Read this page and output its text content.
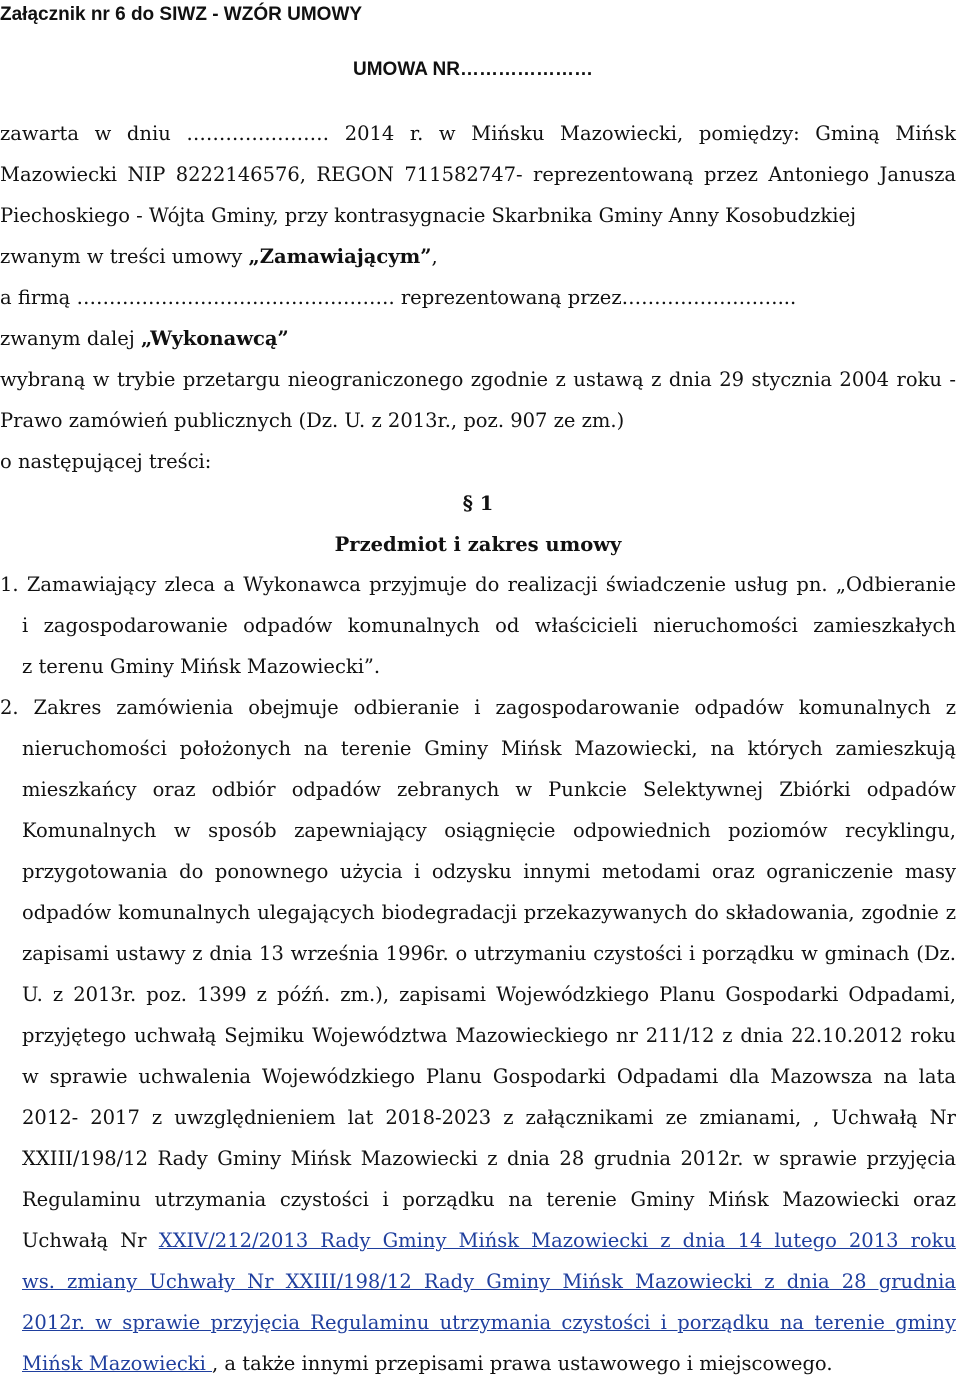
Załącznik nr 6 do SIWZ - WZÓR UMOWY
UMOWA NR…………………
zawarta w dniu ………….……… 2014 r. w Mińsku Mazowiecki, pomiędzy: Gminą Mińsk
Mazowiecki NIP 8222146576, REGON 711582747- reprezentowaną przez Antoniego Janusza
Piechoskiego - Wójta Gminy, przy kontrasygnacie Skarbnika Gminy Anny Kosobudzkiej
zwanym w treści umowy „Zamawiającym”,
a firmą …………………………………………. reprezentowaną przez……………………...
zwanym dalej „Wykonawcą”
wybraną w trybie przetargu nieograniczonego zgodnie z ustawą z dnia 29 stycznia 2004 roku -
Prawo zamówień publicznych (Dz. U. z 2013r., poz. 907 ze zm.)
o następującej treści:
§ 1
Przedmiot i zakres umowy
1. Zamawiający zleca a Wykonawca przyjmuje do realizacji świadczenie usług pn. „Odbieranie
i zagospodarowanie odpadów komunalnych od właścicieli nieruchomości zamieszkałych
z terenu Gminy Mińsk Mazowiecki”.
2. Zakres zamówienia obejmuje odbieranie i zagospodarowanie odpadów komunalnych z
nieruchomości położonych na terenie Gminy Mińsk Mazowiecki, na których zamieszkują
mieszkańcy oraz odbiór odpadów zebranych w Punkcie Selektywnej Zbiórki odpadów
Komunalnych w sposób zapewniający osiągnięcie odpowiednich poziomów recyklingu,
przygotowania do ponownego użycia i odzysku innymi metodami oraz ograniczenie masy
odpadów komunalnych ulegających biodegradacji przekazywanych do składowania, zgodnie z
zapisami ustawy z dnia 13 września 1996r. o utrzymaniu czystości i porządku w gminach (Dz.
U. z 2013r. poz. 1399 z późń. zm.), zapisami Wojewódzkiego Planu Gospodarki Odpadami,
przyjętego uchwałą Sejmiku Województwa Mazowieckiego nr 211/12 z dnia 22.10.2012 roku
w sprawie uchwalenia Wojewódzkiego Planu Gospodarki Odpadami dla Mazowsza na lata
2012- 2017 z uwzględnieniem lat 2018-2023 z załącznikami ze zmianami, , Uchwałą Nr
XXIII/198/12 Rady Gminy Mińsk Mazowiecki z dnia 28 grudnia 2012r. w sprawie przyjęcia
Regulaminu utrzymania czystości i porządku na terenie Gminy Mińsk Mazowiecki oraz
Uchwałą Nr XXIV/212/2013 Rady Gminy Mińsk Mazowiecki z dnia 14 lutego 2013 roku
ws. zmiany Uchwały Nr XXIII/198/12 Rady Gminy Mińsk Mazowiecki z dnia 28 grudnia
2012r. w sprawie przyjęcia Regulaminu utrzymania czystości i porządku na terenie gminy
Mińsk Mazowiecki , a także innymi przepisami prawa ustawowego i miejscowego.
